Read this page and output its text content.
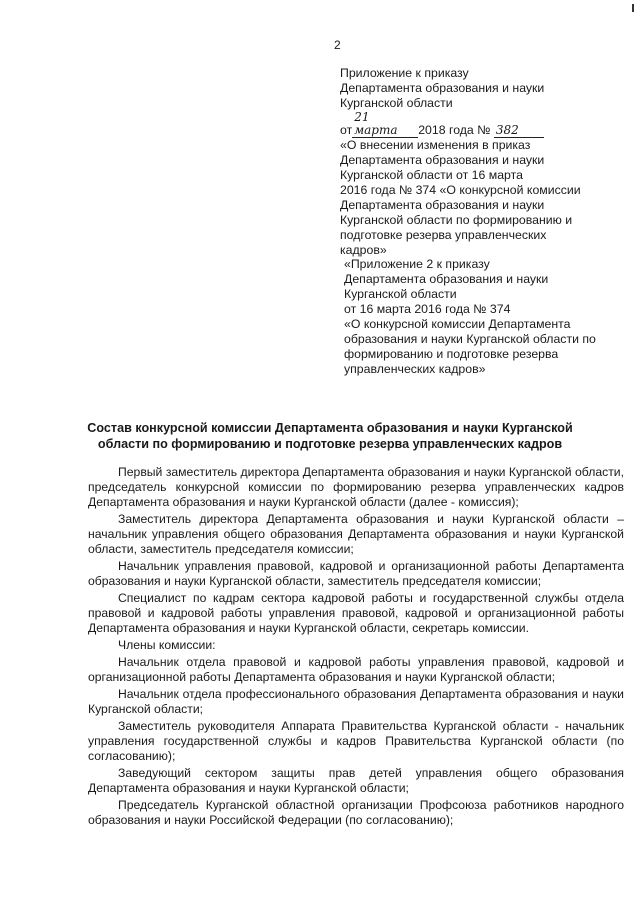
2

Приложение к приказу

Департамента образования и науки

Курганской области

от21 марта 2018 года № 382

«О внесении изменения в приказ

Департамента образования и науки

Курганской области от 16 марта

2016 года № 374 «О конкурсной комиссии

Департамента образования и науки

Курганской области по формированию и

подготовке резерва управленческих

кадров»

«Приложение 2 к приказу

Департамента образования и науки

Курганской области

от 16 марта 2016 года № 374

«О конкурсной комиссии Департамента

образования и науки Курганской области по

формированию и подготовке резерва

управленческих кадров»

Состав конкурсной комиссии Департамента образования и науки Курганской области по формированию и подготовке резерва управленческих кадров

Первый заместитель директора Департамента образования и науки Курганской области, председатель конкурсной комиссии по формированию резерва управленческих кадров Департамента образования и науки Курганской области (далее - комиссия);

Заместитель директора Департамента образования и науки Курганской области – начальник управления общего образования Департамента образования и науки Курганской области, заместитель председателя комиссии;

Начальник управления правовой, кадровой и организационной работы Департамента образования и науки Курганской области, заместитель председателя комиссии;

Специалист по кадрам сектора кадровой работы и государственной службы отдела правовой и кадровой работы управления правовой, кадровой и организационной работы Департамента образования и науки Курганской области, секретарь комиссии.

Члены комиссии:

Начальник отдела правовой и кадровой работы управления правовой, кадровой и организационной работы Департамента образования и науки Курганской области;

Начальник отдела профессионального образования Департамента образования и науки Курганской области;

Заместитель руководителя Аппарата Правительства Курганской области - начальник управления государственной службы и кадров Правительства Курганской области (по согласованию);

Заведующий сектором защиты прав детей управления общего образования Департамента образования и науки Курганской области;

Председатель Курганской областной организации Профсоюза работников народного образования и науки Российской Федерации (по согласованию);
